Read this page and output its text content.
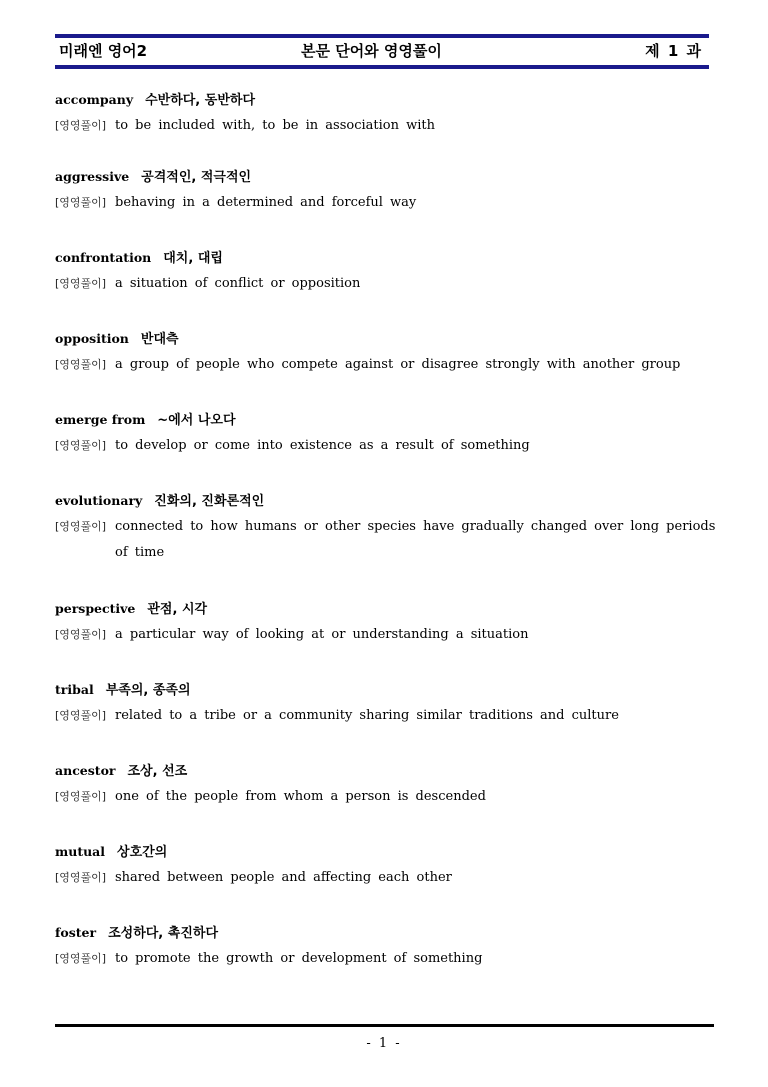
미래엔 영어2	본문 단어와 영영풀이	제 1 과
accompany 수반하다, 동반하다
[영영풀이] to be included with, to be in association with
aggressive 공격적인, 적극적인
[영영풀이] behaving in a determined and forceful way
confrontation 대치, 대립
[영영풀이] a situation of conflict or opposition
opposition 반대측
[영영풀이] a group of people who compete against or disagree strongly with another group
emerge from ~에서 나오다
[영영풀이] to develop or come into existence as a result of something
evolutionary 진화의, 진화론적인
[영영풀이] connected to how humans or other species have gradually changed over long periods of time
perspective 관점, 시각
[영영풀이] a particular way of looking at or understanding a situation
tribal 부족의, 종족의
[영영풀이] related to a tribe or a community sharing similar traditions and culture
ancestor 조상, 선조
[영영풀이] one of the people from whom a person is descended
mutual 상호간의
[영영풀이] shared between people and affecting each other
foster 조성하다, 촉진하다
[영영풀이] to promote the growth or development of something
- 1 -
